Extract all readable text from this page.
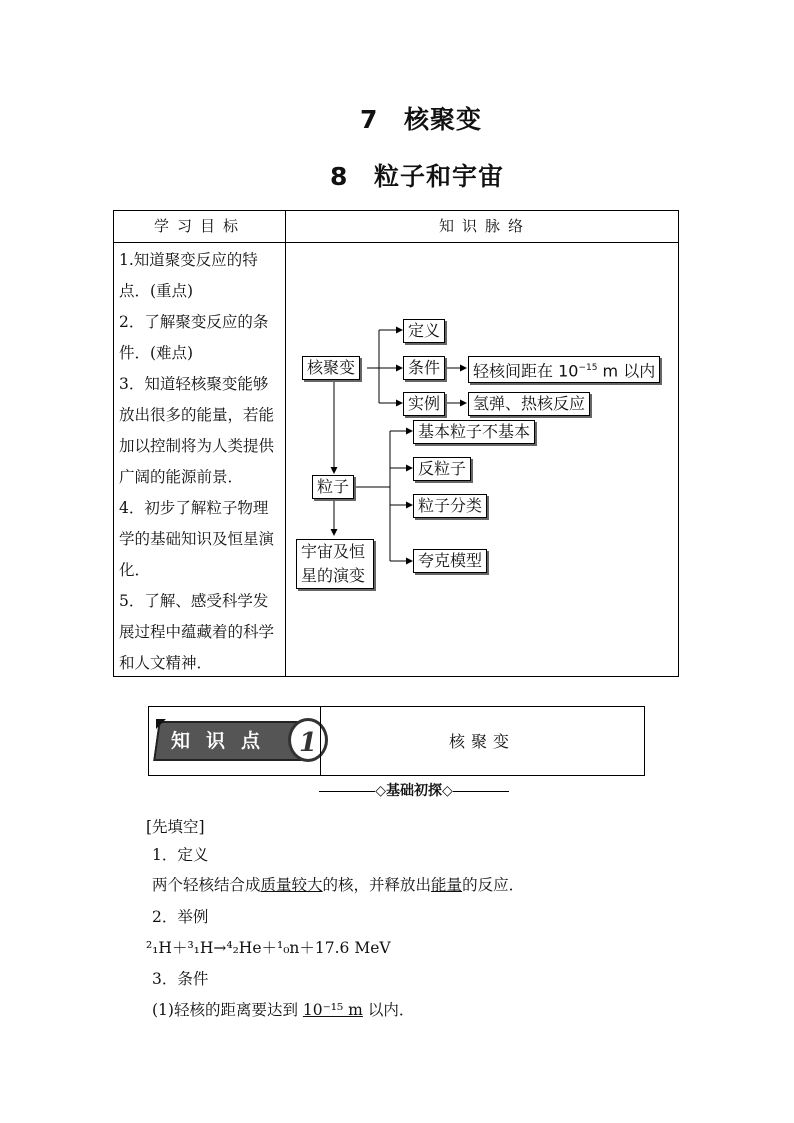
7 核聚变
8 粒子和宇宙
学习目标	知识脉络
1.知道聚变反应的特点．(重点)
2．了解聚变反应的条件．(难点)
3．知道轻核聚变能够放出很多的能量，若能加以控制将为人类提供广阔的能源前景．
4．初步了解粒子物理学的基础知识及恒星演化．
5．了解、感受科学发展过程中蕴藏着的科学和人文精神．
核聚变
定义
条件	轻核间距在 $10^{-15}$ m 以内
实例	氢弹、热核反应
粒子
基本粒子不基本
反粒子
粒子分类
夸克模型
宇宙及恒星的演变
知识点 1	核聚变
◇基础初探◇
[先填空]
1．定义
两个轻核结合成质量较大的核，并释放出能量的反应．
2．举例
²₁H＋³₁H→⁴₂He＋¹₀n＋17.6 MeV
3．条件
(1)轻核的距离要达到 10⁻¹⁵ m 以内．
